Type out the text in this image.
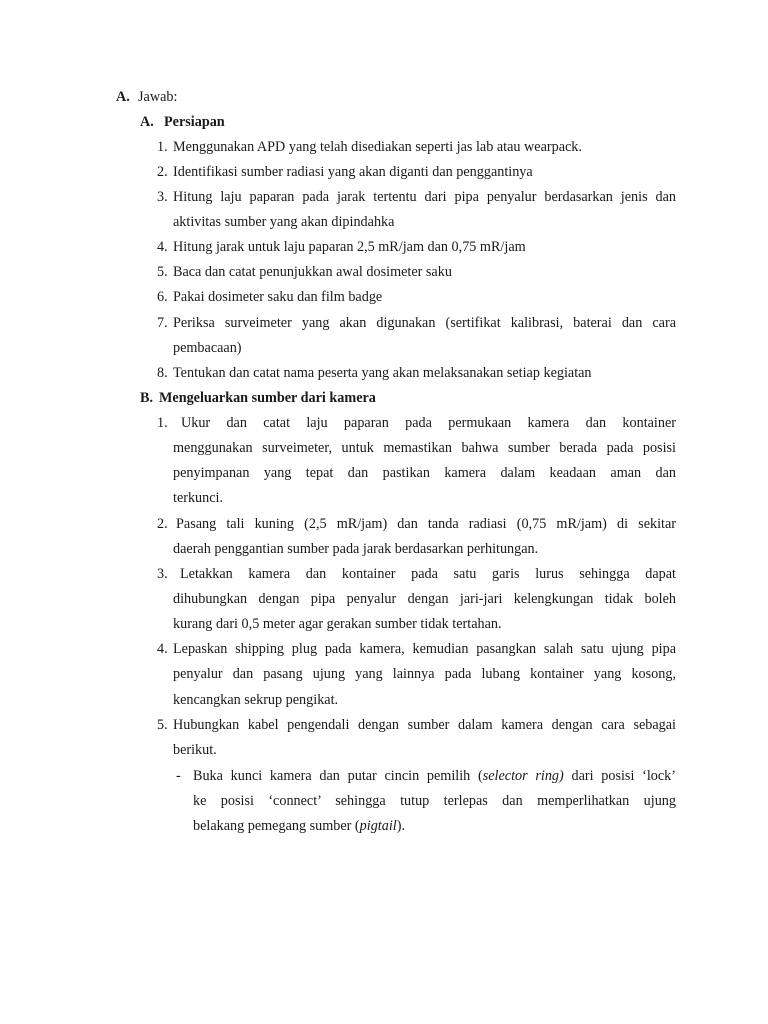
A. Jawab:
A. Persiapan
1. Menggunakan APD yang telah disediakan seperti jas lab atau wearpack.
2. Identifikasi sumber radiasi yang akan diganti dan penggantinya
3. Hitung laju paparan pada jarak tertentu dari pipa penyalur berdasarkan jenis dan
aktivitas sumber yang akan dipindahka
4. Hitung jarak untuk laju paparan 2,5 mR/jam dan 0,75 mR/jam
5. Baca dan catat penunjukkan awal dosimeter saku
6. Pakai dosimeter saku dan film badge
7. Periksa surveimeter yang akan digunakan (sertifikat kalibrasi, baterai dan cara
pembacaan)
8. Tentukan dan catat nama peserta yang akan melaksanakan setiap kegiatan
B. Mengeluarkan sumber dari kamera
1. Ukur dan catat laju paparan pada permukaan kamera dan kontainer
menggunakan surveimeter, untuk memastikan bahwa sumber berada pada posisi
penyimpanan yang tepat dan pastikan kamera dalam keadaan aman dan
terkunci.
2. Pasang tali kuning (2,5 mR/jam) dan tanda radiasi (0,75 mR/jam) di sekitar
daerah penggantian sumber pada jarak berdasarkan perhitungan.
3. Letakkan kamera dan kontainer pada satu garis lurus sehingga dapat
dihubungkan dengan pipa penyalur dengan jari-jari kelengkungan tidak boleh
kurang dari 0,5 meter agar gerakan sumber tidak tertahan.
4. Lepaskan shipping plug pada kamera, kemudian pasangkan salah satu ujung pipa
penyalur dan pasang ujung yang lainnya pada lubang kontainer yang kosong,
kencangkan sekrup pengikat.
5. Hubungkan kabel pengendali dengan sumber dalam kamera dengan cara sebagai
berikut.
- Buka kunci kamera dan putar cincin pemilih (selector ring) dari posisi ‘lock’
ke posisi ‘connect’ sehingga tutup terlepas dan memperlihatkan ujung
belakang pemegang sumber (pigtail).
